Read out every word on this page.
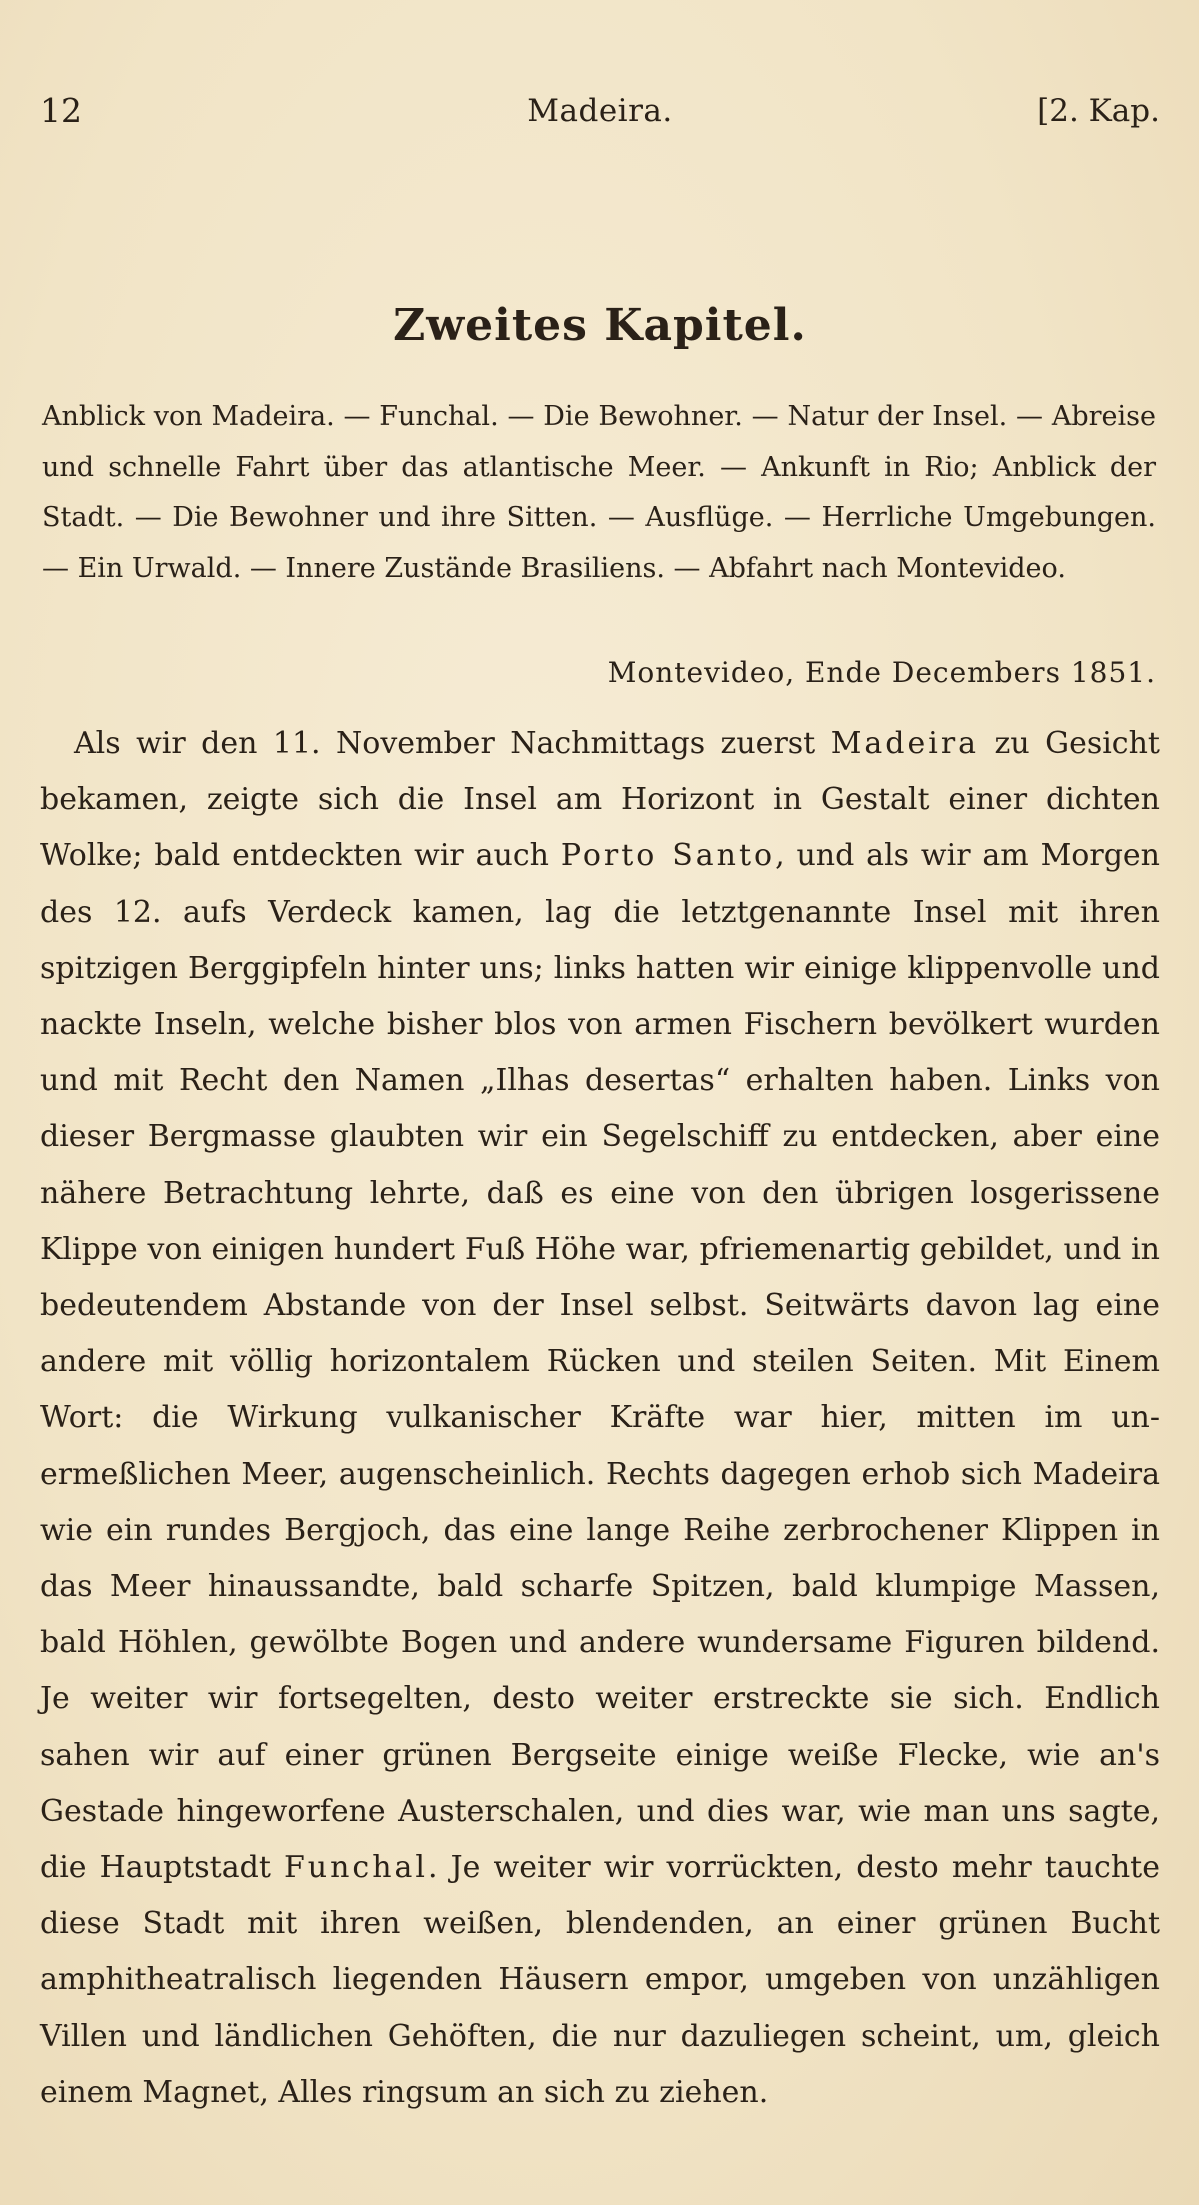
12	Madeira.	[2. Kap.
Zweites Kapitel.
Anblick von Madeira. — Funchal. — Die Bewohner. — Natur der Insel. — Abreise und schnelle Fahrt über das atlantische Meer. — Ankunft in Rio; Anblick der Stadt. — Die Bewohner und ihre Sitten. — Ausflüge. — Herrliche Umgebungen. — Ein Urwald. — Innere Zustände Brasiliens. — Abfahrt nach Montevideo.
Montevideo, Ende Decembers 1851.

Als wir den 11. November Nachmittags zuerst Madeira zu Gesicht bekamen, zeigte sich die Insel am Horizont in Gestalt einer dichten Wolke; bald entdeckten wir auch Porto Santo, und als wir am Morgen des 12. aufs Verdeck kamen, lag die letztgenannte Insel mit ihren spitzigen Berggipfeln hinter uns; links hatten wir einige klippenvolle und nackte Inseln, welche bisher blos von armen Fischern bevölkert wurden und mit Recht den Namen „Ilhas desertas“ erhalten haben. Links von dieser Bergmasse glaubten wir ein Segelschiff zu entdecken, aber eine nähere Betrachtung lehrte, daß es eine von den übrigen losgerissene Klippe von einigen hundert Fuß Höhe war, pfriemenartig gebildet, und in bedeutendem Abstande von der Insel selbst. Seitwärts davon lag eine andere mit völlig horizontalem Rücken und steilen Seiten. Mit Einem Wort: die Wirkung vulkanischer Kräfte war hier, mitten im unermeßlichen Meer, augenscheinlich. Rechts dagegen erhob sich Madeira wie ein rundes Bergjoch, das eine lange Reihe zerbrochener Klippen in das Meer hinaussandte, bald scharfe Spitzen, bald klumpige Massen, bald Höhlen, gewölbte Bogen und andere wundersame Figuren bildend. Je weiter wir fortsegelten, desto weiter erstreckte sie sich. Endlich sahen wir auf einer grünen Bergseite einige weiße Flecke, wie an's Gestade hingeworfene Austerschalen, und dies war, wie man uns sagte, die Hauptstadt Funchal. Je weiter wir vorrückten, desto mehr tauchte diese Stadt mit ihren weißen, blendenden, an einer grünen Bucht amphitheatralisch liegenden Häusern empor, umgeben von unzähligen Villen und ländlichen Gehöften, die nur dazuliegen scheint, um, gleich einem Magnet, Alles ringsum an sich zu ziehen.
